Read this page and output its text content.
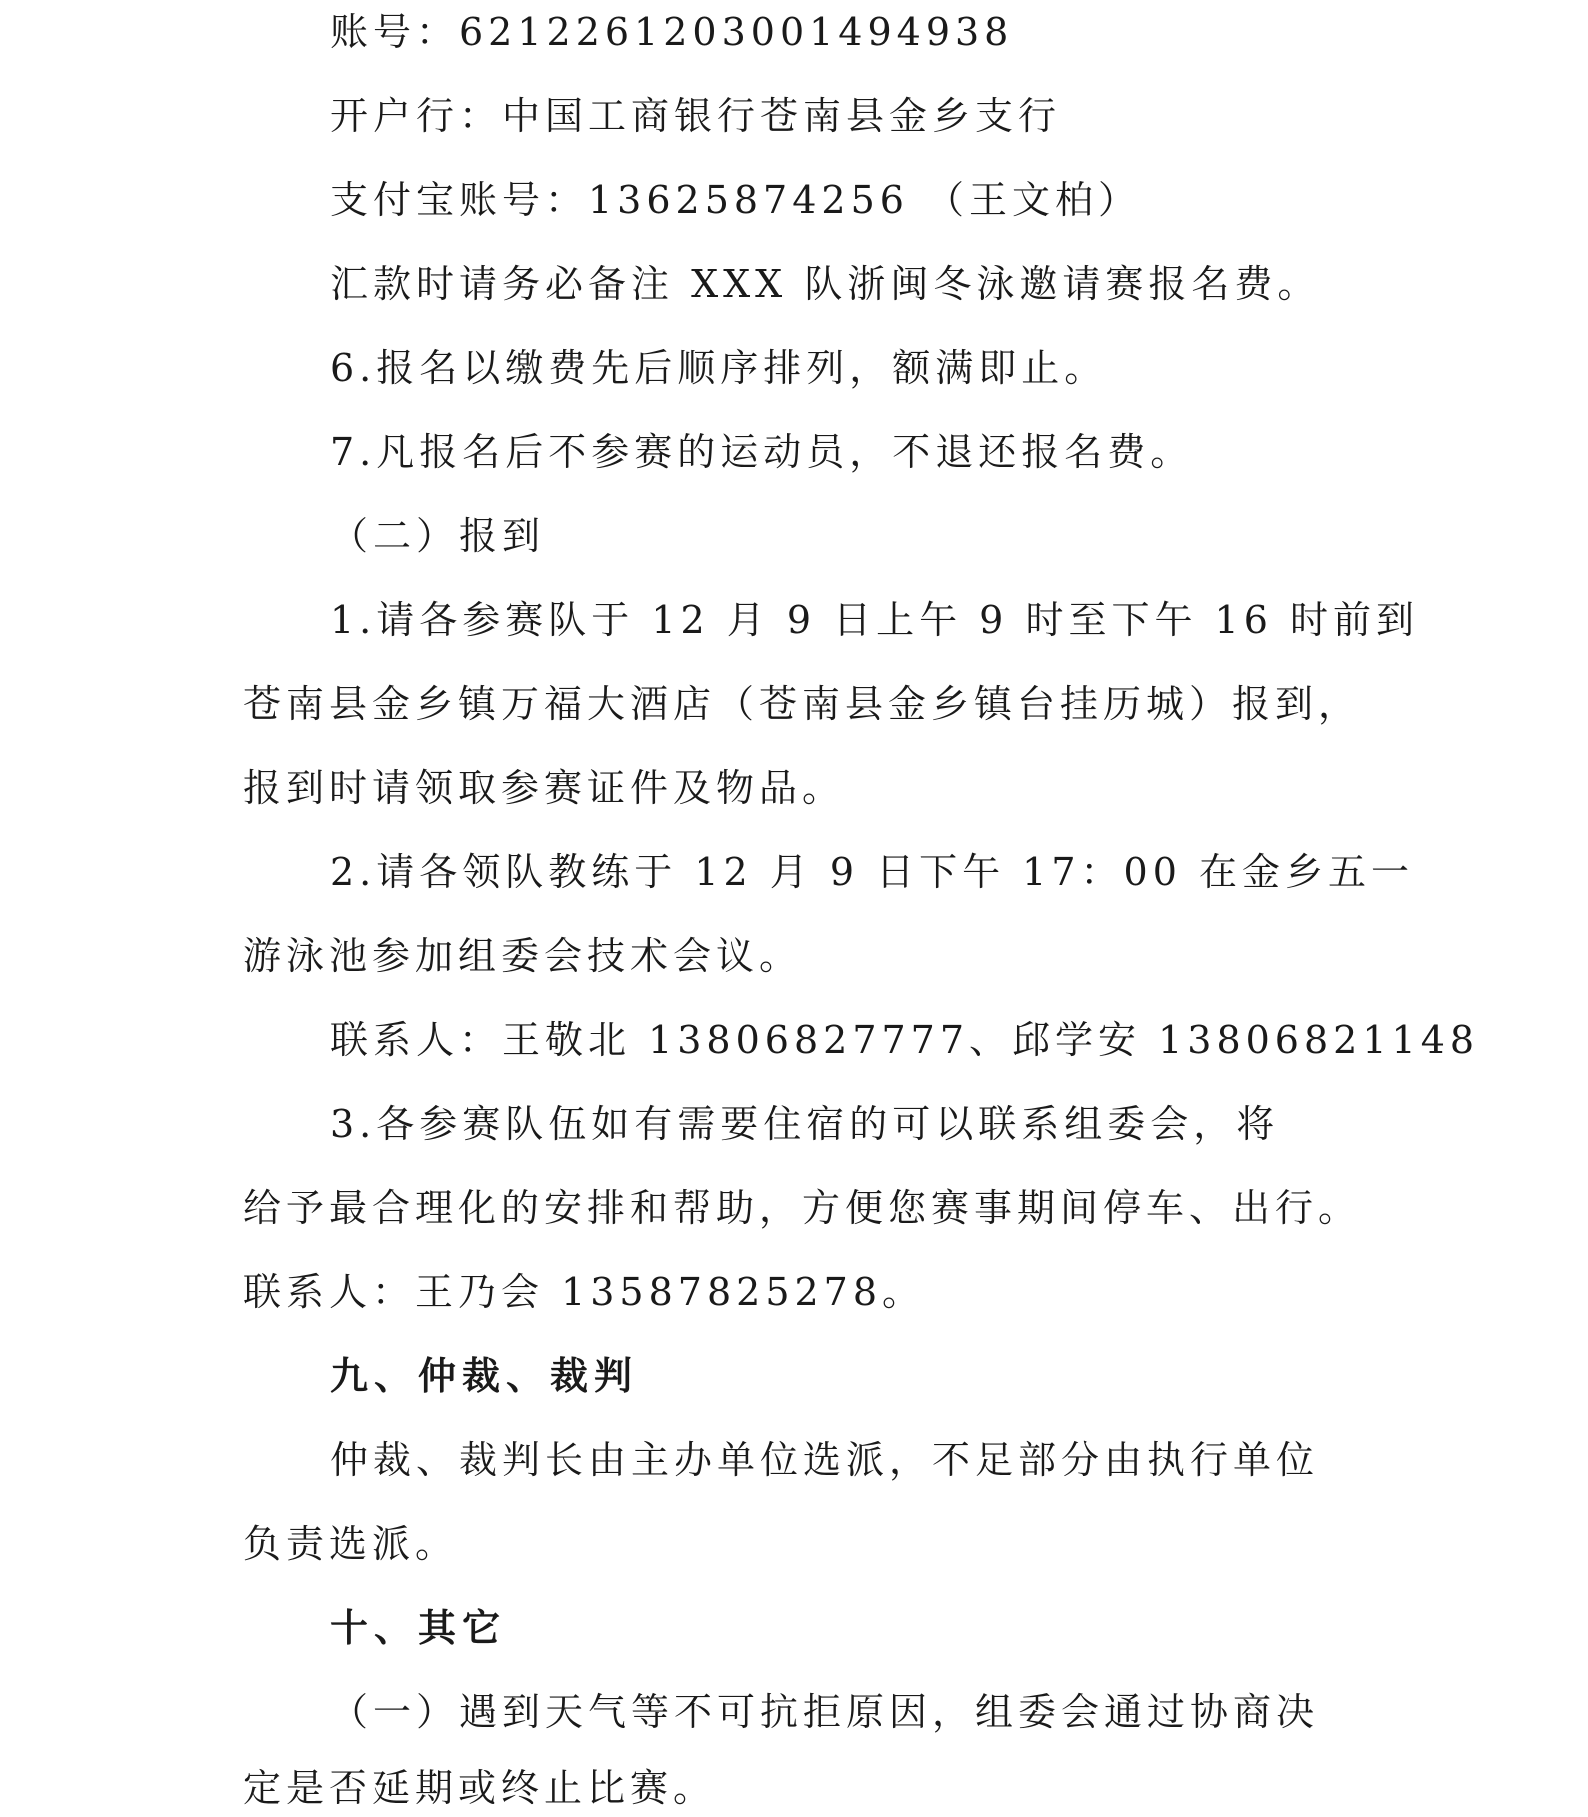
账号：6212261203001494938
开户行：中国工商银行苍南县金乡支行
支付宝账号：13625874256 （王文柏）
汇款时请务必备注 XXX 队浙闽冬泳邀请赛报名费。
6.报名以缴费先后顺序排列，额满即止。
7.凡报名后不参赛的运动员，不退还报名费。
（二）报到
1.请各参赛队于 12 月 9 日上午 9 时至下午 16 时前到
苍南县金乡镇万福大酒店（苍南县金乡镇台挂历城）报到，
报到时请领取参赛证件及物品。
2.请各领队教练于 12 月 9 日下午 17：00 在金乡五一
游泳池参加组委会技术会议。
联系人：王敬北 13806827777、邱学安 13806821148
3.各参赛队伍如有需要住宿的可以联系组委会，将
给予最合理化的安排和帮助，方便您赛事期间停车、出行。
联系人：王乃会 13587825278。
九、仲裁、裁判
仲裁、裁判长由主办单位选派，不足部分由执行单位
负责选派。
十、其它
（一）遇到天气等不可抗拒原因，组委会通过协商决
定是否延期或终止比赛。
